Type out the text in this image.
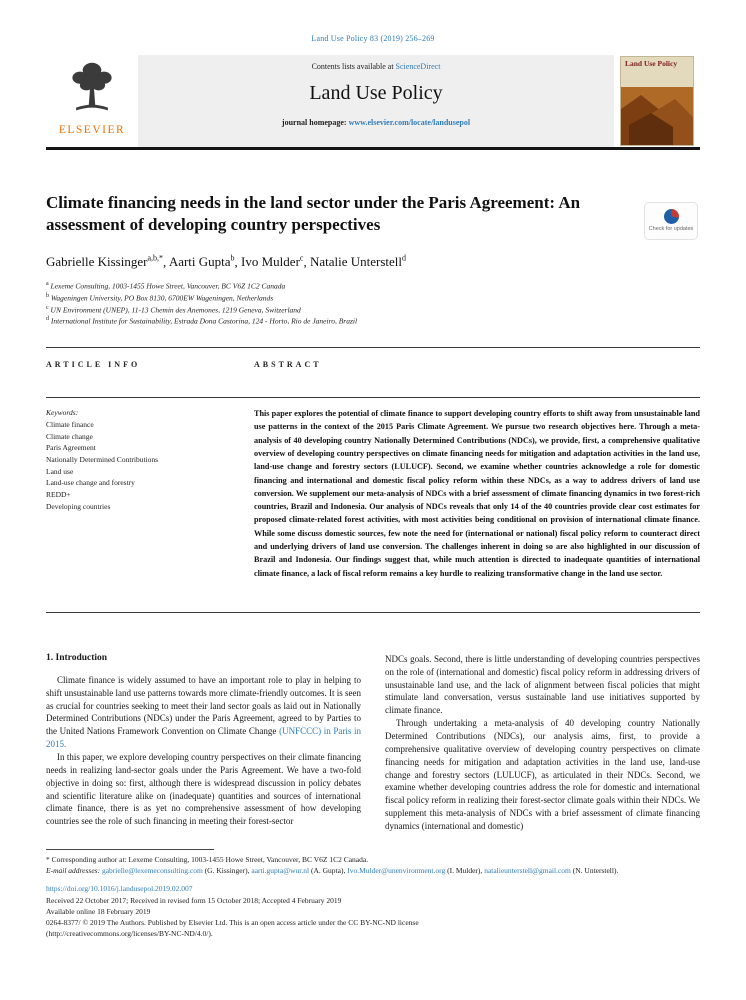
Land Use Policy 83 (2019) 256–269
ELSEVIER
Contents lists available at ScienceDirect
Land Use Policy
journal homepage: www.elsevier.com/locate/landusepol
Land Use Policy
Climate financing needs in the land sector under the Paris Agreement: An assessment of developing country perspectives
Gabrielle Kissinger$^{a,b,*}$, Aarti Gupta$^b$, Ivo Mulder$^c$, Natalie Unterstell$^d$
$^a$ Lexeme Consulting, 1003-1455 Howe Street, Vancouver, BC V6Z 1C2 Canada
$^b$ Wageningen University, PO Box 8130, 6700EW Wageningen, Netherlands
$^c$ UN Environment (UNEP), 11-13 Chemin des Anemones, 1219 Geneva, Switzerland
$^d$ International Institute for Sustainability, Estrada Dona Castorina, 124 - Horto, Rio de Janeiro, Brazil
ARTICLE INFO	ABSTRACT
Keywords:
Climate finance
Climate change
Paris Agreement
Nationally Determined Contributions
Land use
Land-use change and forestry
REDD+
Developing countries

This paper explores the potential of climate finance to support developing country efforts to shift away from unsustainable land use patterns in the context of the 2015 Paris Climate Agreement. We pursue two research objectives here. Through a meta-analysis of 40 developing country Nationally Determined Contributions (NDCs), we provide, first, a comprehensive qualitative overview of developing country perspectives on climate financing needs for mitigation and adaptation activities in the land use, land-use change and forestry sectors (LULUCF). Second, we examine whether countries acknowledge a role for domestic financing and international and domestic fiscal policy reform within these NDCs, as a way to address drivers of land use conversion. We supplement our meta-analysis of NDCs with a brief assessment of climate financing dynamics in two forest-rich countries, Brazil and Indonesia. Our analysis of NDCs reveals that only 14 of the 40 countries provide clear cost estimates for proposed climate-related forest activities, with most activities being conditional on provision of international climate finance. While some discuss domestic sources, few note the need for (international or national) fiscal policy reform to counteract direct and underlying drivers of land use conversion. The challenges inherent in doing so are also highlighted in our discussion of Brazil and Indonesia. Our findings suggest that, while much attention is directed to inadequate quantities of international climate finance, a lack of fiscal reform remains a key hurdle to realizing transformative change in the land use sector.

1. Introduction

Climate finance is widely assumed to have an important role to play in helping to shift unsustainable land use patterns towards more climate-friendly outcomes. It is seen as crucial for countries seeking to meet their land sector goals as laid out in Nationally Determined Contributions (NDCs) under the Paris Agreement, agreed to by Parties to the United Nations Framework Convention on Climate Change (UNFCCC) in Paris in 2015.

In this paper, we explore developing country perspectives on their climate financing needs in realizing land-sector goals under the Paris Agreement. We have a two-fold objective in doing so: first, although there is widespread discussion in policy debates and scientific literature alike on (inadequate) quantities and sources of international climate finance, there is as yet no comprehensive assessment of how developing countries see the role of such financing in meeting their forest-sector

NDCs goals. Second, there is little understanding of developing countries perspectives on the role of (international and domestic) fiscal policy reform in addressing drivers of unsustainable land use, and the lack of alignment between fiscal policies that might stimulate land conversation, versus sustainable land use initiatives supported by climate finance.

Through undertaking a meta-analysis of 40 developing country Nationally Determined Contributions (NDCs), our analysis aims, first, to provide a comprehensive qualitative overview of developing country perspectives on climate financing needs for mitigation and adaptation activities in the land use, land-use change and forestry sectors (LULUCF), as articulated in their NDCs. Second, we examine whether developing countries address the role for domestic and international fiscal policy reform in realizing their forest-sector climate goals within their NDCs. We supplement this meta-analysis of NDCs with a brief assessment of climate financing dynamics (international and domestic)

* Corresponding author at: Lexeme Consulting, 1003-1455 Howe Street, Vancouver, BC V6Z 1C2 Canada.
E-mail addresses: gabrielle@lexemeconsulting.com (G. Kissinger), aarti.gupta@wur.nl (A. Gupta), Ivo.Mulder@unenvironment.org (I. Mulder), natalieunterstell@gmail.com (N. Unterstell).
https://doi.org/10.1016/j.landusepol.2019.02.007
Received 22 October 2017; Received in revised form 15 October 2018; Accepted 4 February 2019
Available online 18 February 2019
0264-8377/ © 2019 The Authors. Published by Elsevier Ltd. This is an open access article under the CC BY-NC-ND license
(http://creativecommons.org/licenses/BY-NC-ND/4.0/).
Check for updates
